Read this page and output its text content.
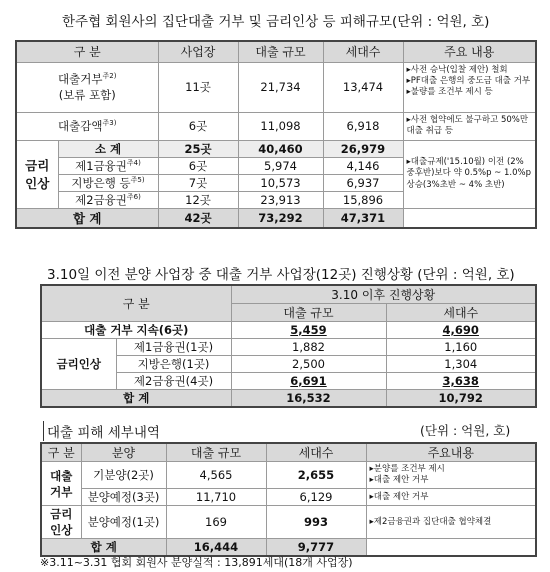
한주협 회원사의 집단대출 거부 및 금리인상 등 피해규모(단위 : 억원, 호)
구 분		사업장	대출 규모	세대수	주요 내용
대출거부$^{주2)}$
(보류 포함)		11곳	21,734	13,474	▸사전 승낙(입찰 제안) 철회
▸PF대출 은행의 중도금 대출 거부
▸불량를 조건부 제시 등
대출감액$^{주3)}$		6곳	11,098	6,918	▸사전 협약에도 불구하고 50%만 대출 취급 등
금리
인상	소 계	25곳	40,460	26,979	▸대출규제('15.10월) 이전 (2% 중후반)보다 약 0.5%p ~ 1.0%p 상승(3%초반 ~ 4% 초반)
	제1금융권$^{주4)}$	6곳	5,974	4,146	
	지방은행 등$^{주5)}$	7곳	10,573	6,937	
	제2금융권$^{주6)}$	12곳	23,913	15,896	
합 계		42곳	73,292	47,371	
3.10일 이전 분양 사업장 중 대출 거부 사업장(12곳) 진행상황 (단위 : 억원, 호)
구 분		3.10 이후 진행상황	
		대출 규모	세대수
대출 거부 지속(6곳)		5,459	4,690
금리인상	제1금융권(1곳)	1,882	1,160
	지방은행(1곳)	2,500	1,304
	제2금융권(4곳)	6,691	3,638
합 계		16,532	10,792
대출 피해 세부내역	(단위 : 억원, 호)
구 분	분양	대출 규모	세대수	주요내용
대출
거부	기분양(2곳)	4,565	2,655	▸분양를 조건부 제시
▸대출 제안 거부
	분양예정(3곳)	11,710	6,129	▸대출 제안 거부
금리
인상	분양예정(1곳)	169	993	▸제2금융권과 집단대출 협약체결
합 계		16,444	9,777	
※3.11~3.31 협회 회원사 분양실적 : 13,891세대(18개 사업장)
